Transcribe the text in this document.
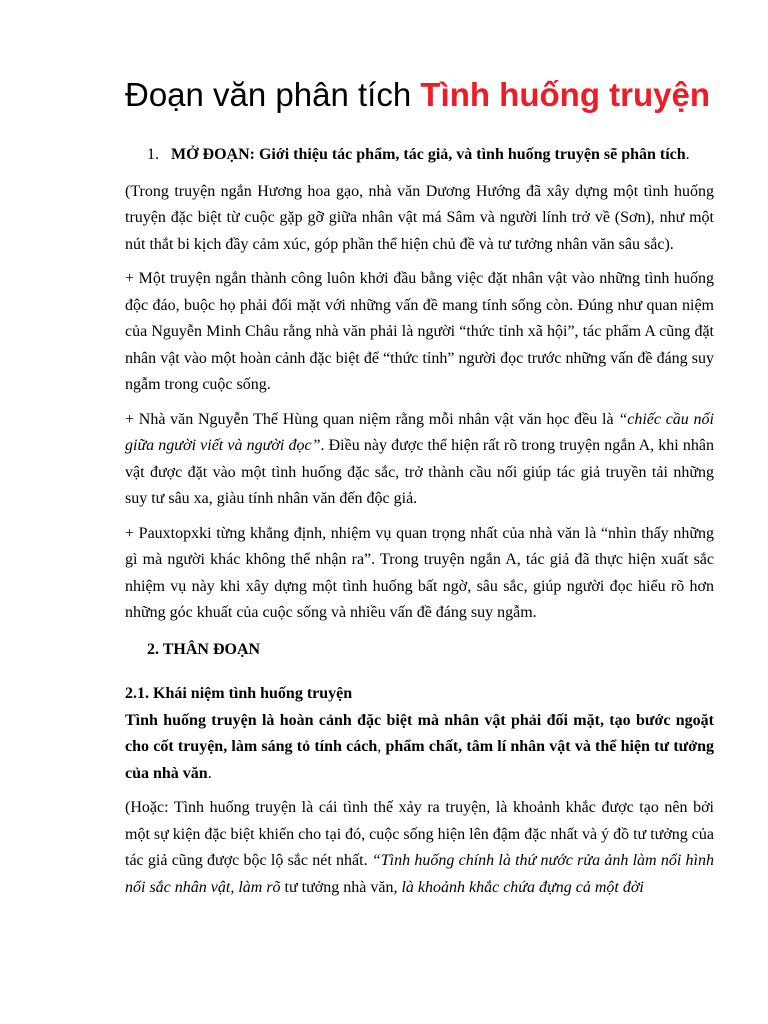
Đoạn văn phân tích Tình huống truyện

1. MỞ ĐOẠN: Giới thiệu tác phẩm, tác giả, và tình huống truyện sẽ phân tích.

(Trong truyện ngắn Hương hoa gạo, nhà văn Dương Hướng đã xây dựng một tình huống truyện đặc biệt từ cuộc gặp gỡ giữa nhân vật má Sâm và người lính trở về (Sơn), như một nút thắt bi kịch đầy cảm xúc, góp phần thể hiện chủ đề và tư tưởng nhân văn sâu sắc).

+ Một truyện ngắn thành công luôn khởi đầu bằng việc đặt nhân vật vào những tình huống độc đáo, buộc họ phải đối mặt với những vấn đề mang tính sống còn. Đúng như quan niệm của Nguyễn Minh Châu rằng nhà văn phải là người “thức tỉnh xã hội”, tác phẩm A cũng đặt nhân vật vào một hoàn cảnh đặc biệt để “thức tỉnh” người đọc trước những vấn đề đáng suy ngẫm trong cuộc sống.

+ Nhà văn Nguyễn Thế Hùng quan niệm rằng mỗi nhân vật văn học đều là “chiếc cầu nối giữa người viết và người đọc”. Điều này được thể hiện rất rõ trong truyện ngắn A, khi nhân vật được đặt vào một tình huống đặc sắc, trở thành cầu nối giúp tác giả truyền tải những suy tư sâu xa, giàu tính nhân văn đến độc giả.

+ Pauxtopxki từng khẳng định, nhiệm vụ quan trọng nhất của nhà văn là “nhìn thấy những gì mà người khác không thể nhận ra”. Trong truyện ngắn A, tác giả đã thực hiện xuất sắc nhiệm vụ này khi xây dựng một tình huống bất ngờ, sâu sắc, giúp người đọc hiểu rõ hơn những góc khuất của cuộc sống và nhiều vấn đề đáng suy ngẫm.

2. THÂN ĐOẠN

2.1. Khái niệm tình huống truyện

Tình huống truyện là hoàn cảnh đặc biệt mà nhân vật phải đối mặt, tạo bước ngoặt cho cốt truyện, làm sáng tỏ tính cách, phẩm chất, tâm lí nhân vật và thể hiện tư tưởng của nhà văn.

(Hoặc: Tình huống truyện là cái tình thế xảy ra truyện, là khoảnh khắc được tạo nên bởi một sự kiện đặc biệt khiến cho tại đó, cuộc sống hiện lên đậm đặc nhất và ý đồ tư tưởng của tác giả cũng được bộc lộ sắc nét nhất. “Tình huống chính là thứ nước rửa ảnh làm nổi hình nổi sắc nhân vật, làm rõ tư tưởng nhà văn, là khoảnh khắc chứa đựng cả một đời
